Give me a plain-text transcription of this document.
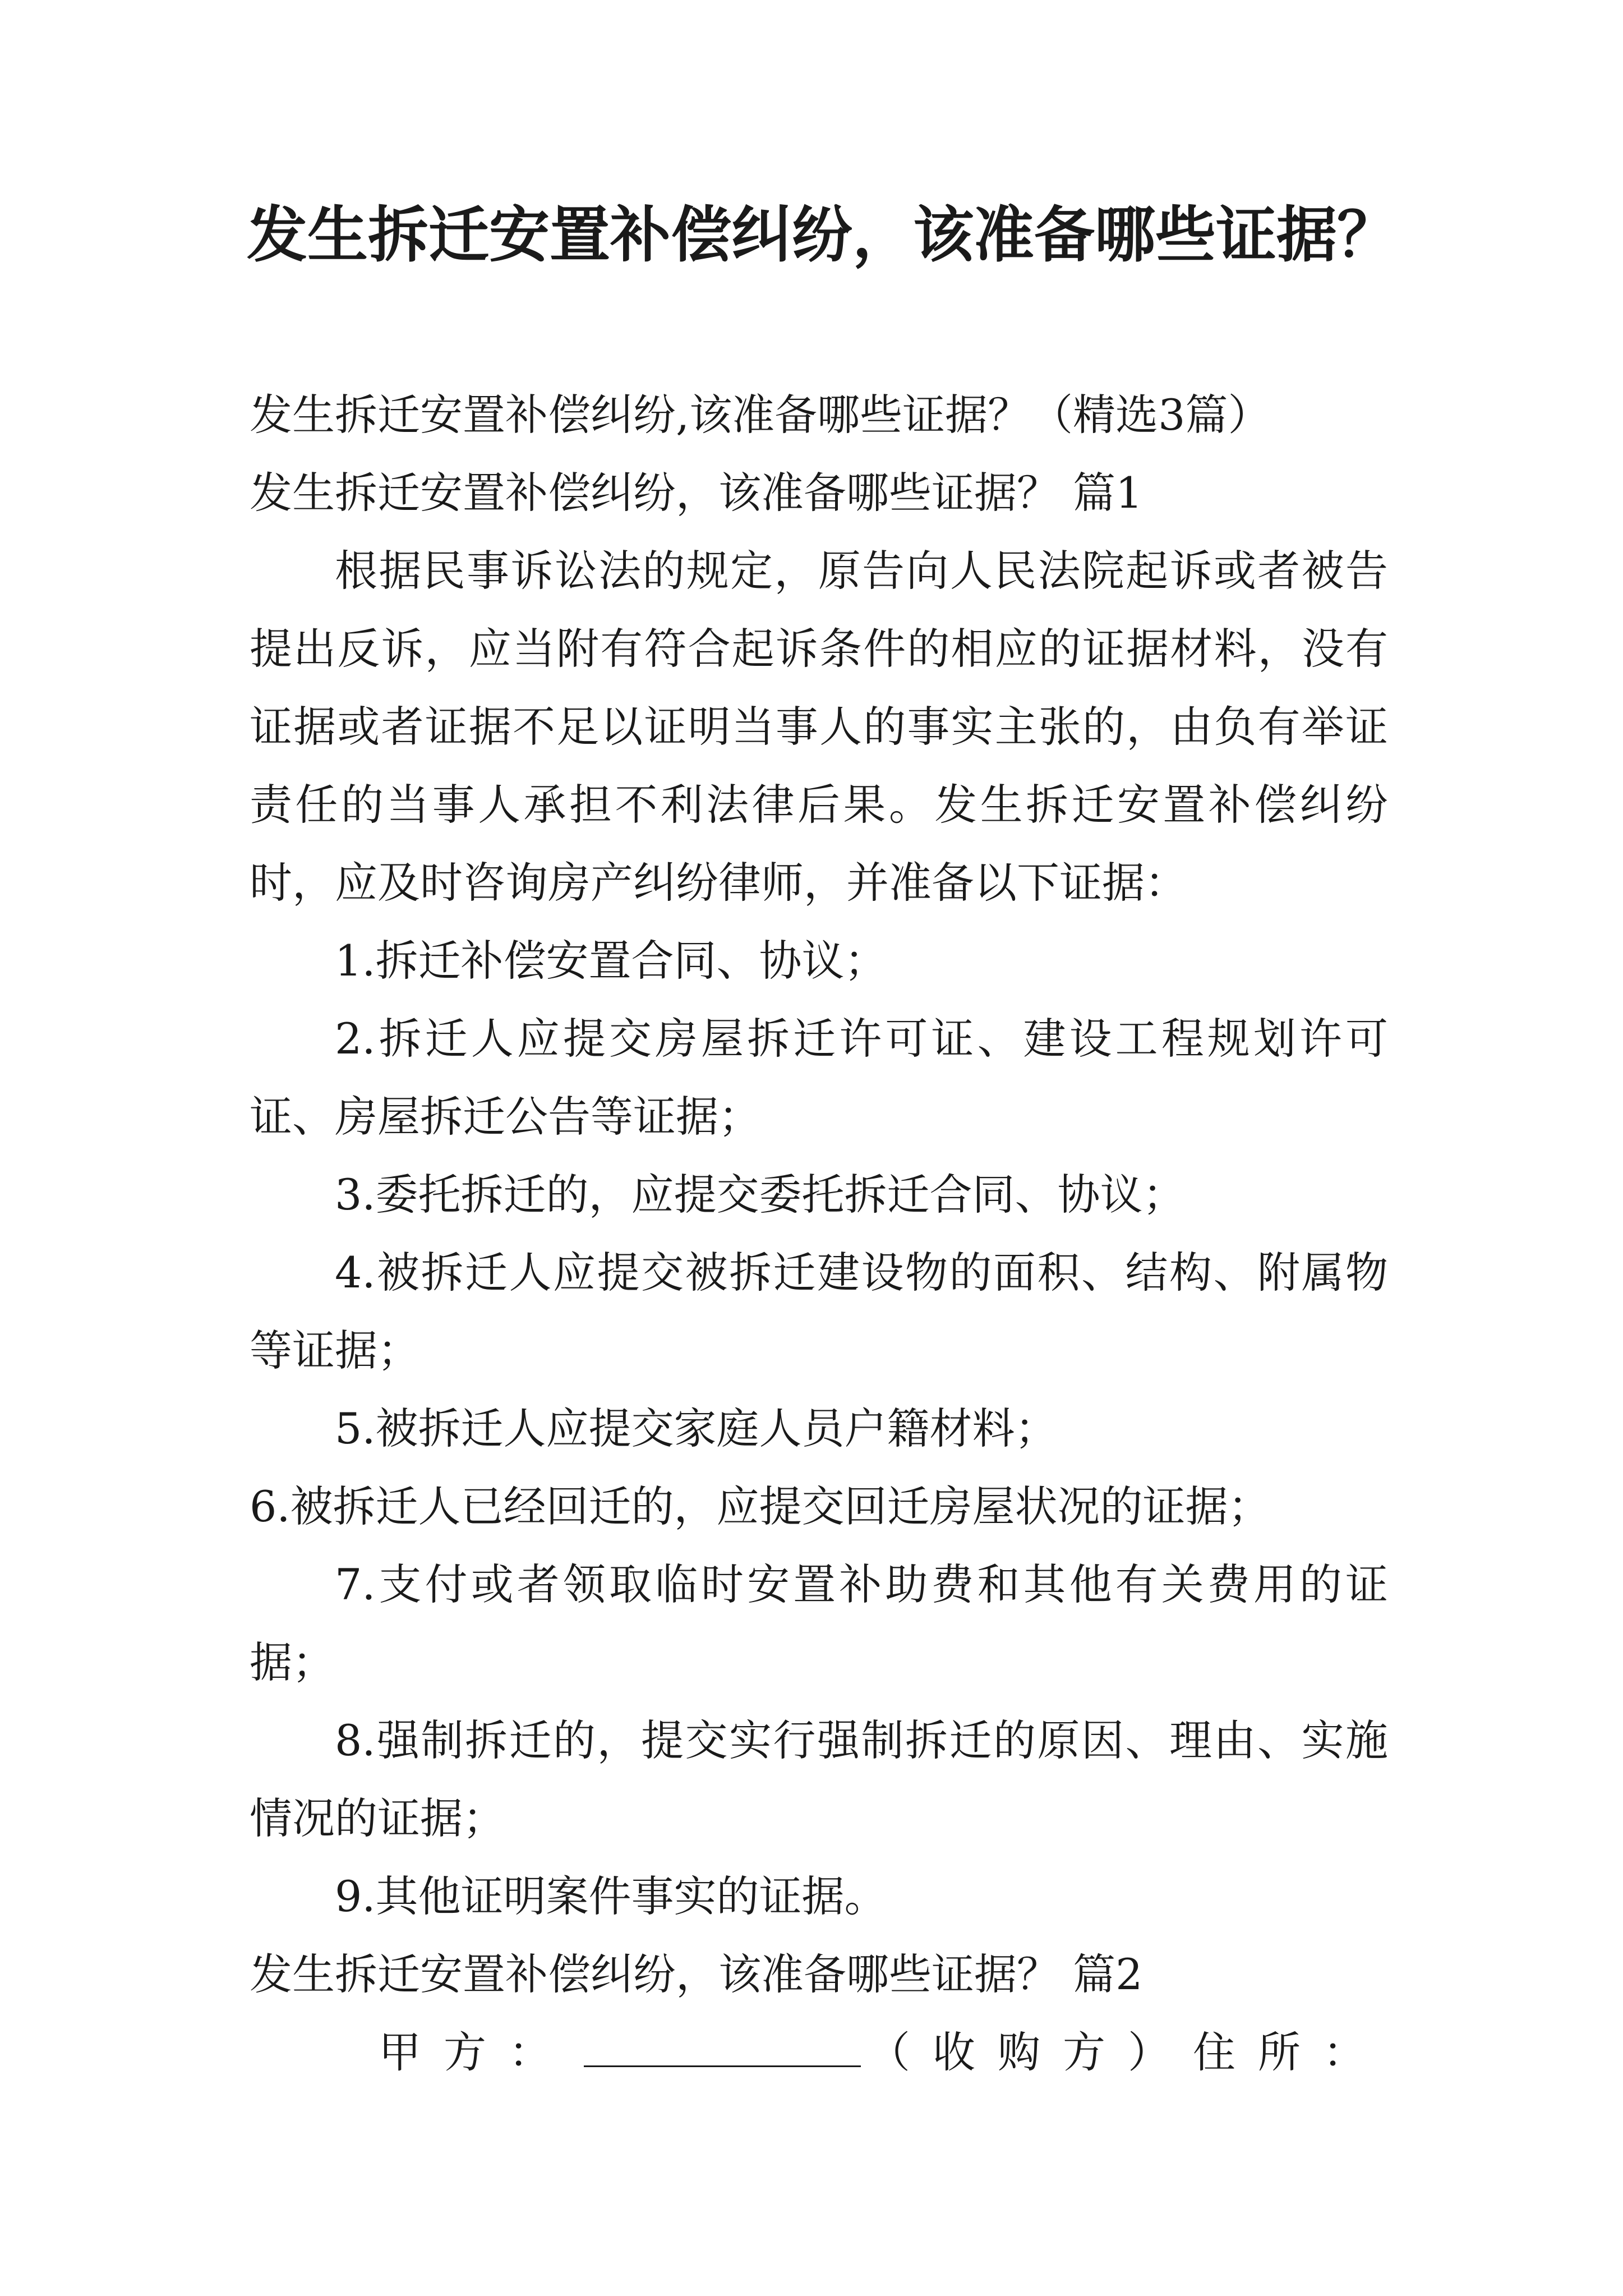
发生拆迁安置补偿纠纷，该准备哪些证据？

发生拆迁安置补偿纠纷,该准备哪些证据？（精选3篇）

发生拆迁安置补偿纠纷，该准备哪些证据？ 篇1

根据民事诉讼法的规定，原告向人民法院起诉或者被告提出反诉，应当附有符合起诉条件的相应的证据材料，没有证据或者证据不足以证明当事人的事实主张的，由负有举证责任的当事人承担不利法律后果。发生拆迁安置补偿纠纷时，应及时咨询房产纠纷律师，并准备以下证据：

1.拆迁补偿安置合同、协议；

2.拆迁人应提交房屋拆迁许可证、建设工程规划许可证、房屋拆迁公告等证据；

3.委托拆迁的，应提交委托拆迁合同、协议；

4.被拆迁人应提交被拆迁建设物的面积、结构、附属物等证据；

5.被拆迁人应提交家庭人员户籍材料；

6.被拆迁人已经回迁的，应提交回迁房屋状况的证据；

7.支付或者领取临时安置补助费和其他有关费用的证据；

8.强制拆迁的，提交实行强制拆迁的原因、理由、实施情况的证据；

9.其他证明案件事实的证据。

发生拆迁安置补偿纠纷，该准备哪些证据？ 篇2

甲方：	（收购方）住所：
